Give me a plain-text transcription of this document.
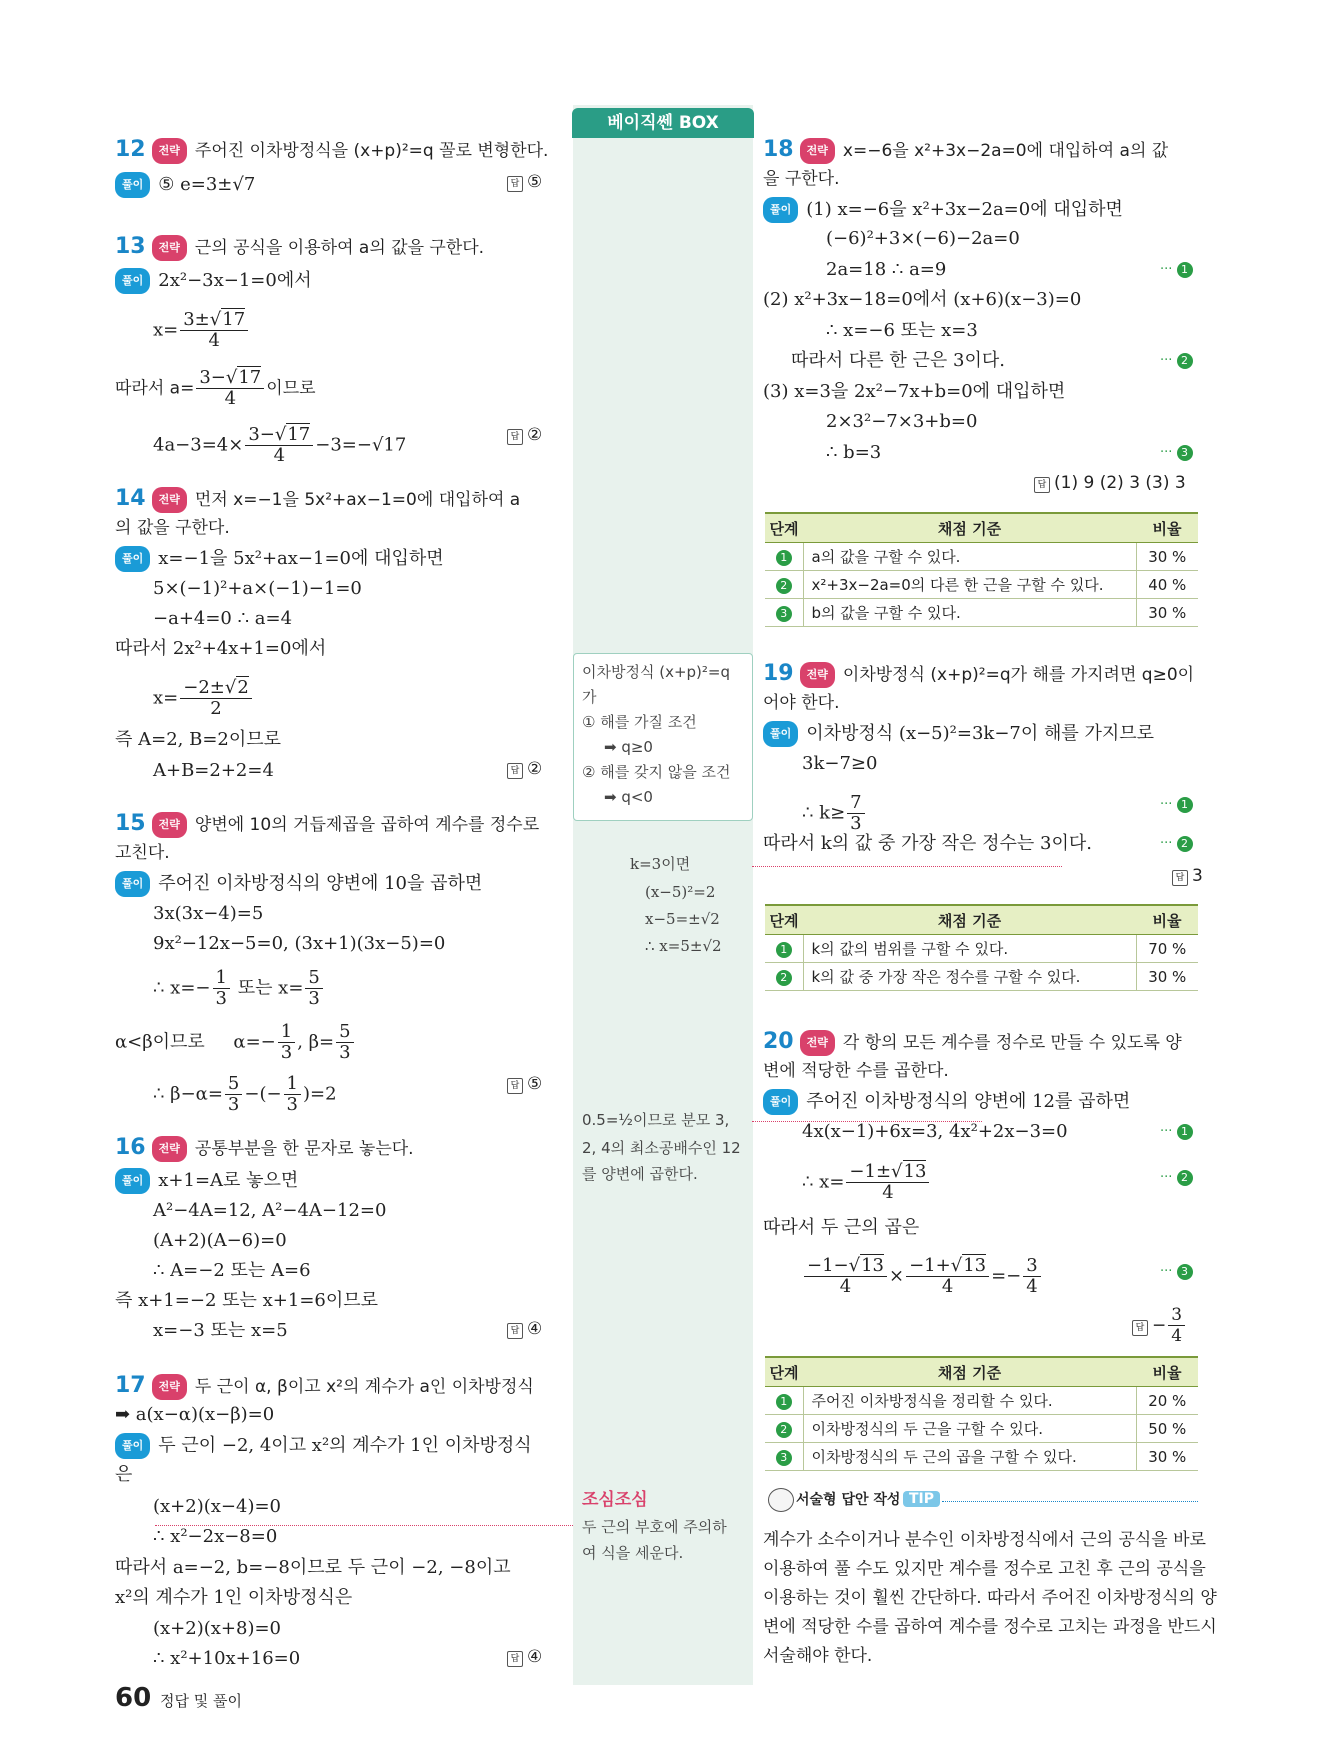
베이직쎈 BOX
이차방정식 (x+p)²=q
가
① 해를 가질 조건
➡ q≥0
② 해를 갖지 않을 조건
➡ q<0
k=3이면
(x−5)²=2
x−5=±√2
∴ x=5±√2
0.5=½이므로 분모 3,
2, 4의 최소공배수인 12
를 양변에 곱한다.
조심조심
두 근의 부호에 주의하
여 식을 세운다.
12 전략 주어진 이차방정식을 (x+p)²=q 꼴로 변형한다.
풀이 ⑤ e=3±√7	답 ⑤
13 전략 근의 공식을 이용하여 a의 값을 구한다.
풀이 2x²−3x−1=0에서
$x= \frac{3\pm√17}{4}$
따라서 $a= \frac{3-√17}{4}$ 이므로
$4a-3=4\times \frac{3-√17}{4} -3=-√17$	답 ②
14 전략 먼저 x=−1을 5x²+ax−1=0에 대입하여 a
의 값을 구한다.
풀이 x=−1을 5x²+ax−1=0에 대입하면
5×(−1)²+a×(−1)−1=0
−a+4=0 ∴ a=4
따라서 2x²+4x+1=0에서
$x= \frac{-2\pm√2}{2}$
즉 A=2, B=2이므로
A+B=2+2=4	답 ②
15 전략 양변에 10의 거듭제곱을 곱하여 계수를 정수로
고친다.
풀이 주어진 이차방정식의 양변에 10을 곱하면
3x(3x−4)=5
9x²−12x−5=0, (3x+1)(3x−5)=0
∴ $x=- \frac{1}{3}$ 또는 $x= \frac{5}{3}$
α<β이므로 $\alpha=- \frac{1}{3}$ , $\beta= \frac{5}{3}$
∴ $\beta-\alpha= \frac{5}{3}$ −(− $\frac{1}{3} )=2$	답 ⑤
16 전략 공통부분을 한 문자로 놓는다.
풀이 x+1=A로 놓으면
A²−4A=12, A²−4A−12=0
(A+2)(A−6)=0
∴ A=−2 또는 A=6
즉 x+1=−2 또는 x+1=6이므로
x=−3 또는 x=5	답 ④
17 전략 두 근이 α, β이고 x²의 계수가 a인 이차방정식
➡ a(x−α)(x−β)=0
풀이 두 근이 −2, 4이고 x²의 계수가 1인 이차방정식
은
(x+2)(x−4)=0
∴ x²−2x−8=0
따라서 a=−2, b=−8이므로 두 근이 −2, −8이고
x²의 계수가 1인 이차방정식은
(x+2)(x+8)=0
∴ x²+10x+16=0	답 ④
60 정답 및 풀이
18 전략 x=−6을 x²+3x−2a=0에 대입하여 a의 값
을 구한다.
풀이 (1) x=−6을 x²+3x−2a=0에 대입하면
(−6)²+3×(−6)−2a=0
2a=18 ∴ a=9	··· 1
(2) x²+3x−18=0에서 (x+6)(x−3)=0
∴ x=−6 또는 x=3
따라서 다른 한 근은 3이다.	··· 2
(3) x=3을 2x²−7x+b=0에 대입하면
2×3²−7×3+b=0
∴ b=3	··· 3
답 (1) 9 (2) 3 (3) 3
단계	채점 기준	비율
1	a의 값을 구할 수 있다.	30 %
2	x²+3x−2a=0의 다른 한 근을 구할 수 있다.	40 %
3	b의 값을 구할 수 있다.	30 %
19 전략 이차방정식 (x+p)²=q가 해를 가지려면 q≥0이
어야 한다.
풀이 이차방정식 (x−5)²=3k−7이 해를 가지므로
3k−7≥0
∴ $k\ge \frac{7}{3}$	··· 1
따라서 k의 값 중 가장 작은 정수는 3이다.	··· 2
답 3
단계	채점 기준	비율
1	k의 값의 범위를 구할 수 있다.	70 %
2	k의 값 중 가장 작은 정수를 구할 수 있다.	30 %
20 전략 각 항의 모든 계수를 정수로 만들 수 있도록 양
변에 적당한 수를 곱한다.
풀이 주어진 이차방정식의 양변에 12를 곱하면
4x(x−1)+6x=3, 4x²+2x−3=0	··· 1
∴ $x= \frac{-1\pm√13}{4}$	··· 2
따라서 두 근의 곱은
$\frac{-1-√13}{4} \times \frac{-1+√13}{4} =- \frac{3}{4}$	··· 3
답 − $\frac{3}{4}$
단계	채점 기준	비율
1	주어진 이차방정식을 정리할 수 있다.	20 %
2	이차방정식의 두 근을 구할 수 있다.	50 %
3	이차방정식의 두 근의 곱을 구할 수 있다.	30 %
서술형 답안 작성 TIP
계수가 소수이거나 분수인 이차방정식에서 근의 공식을 바로
이용하여 풀 수도 있지만 계수를 정수로 고친 후 근의 공식을
이용하는 것이 훨씬 간단하다. 따라서 주어진 이차방정식의 양
변에 적당한 수를 곱하여 계수를 정수로 고치는 과정을 반드시
서술해야 한다.
